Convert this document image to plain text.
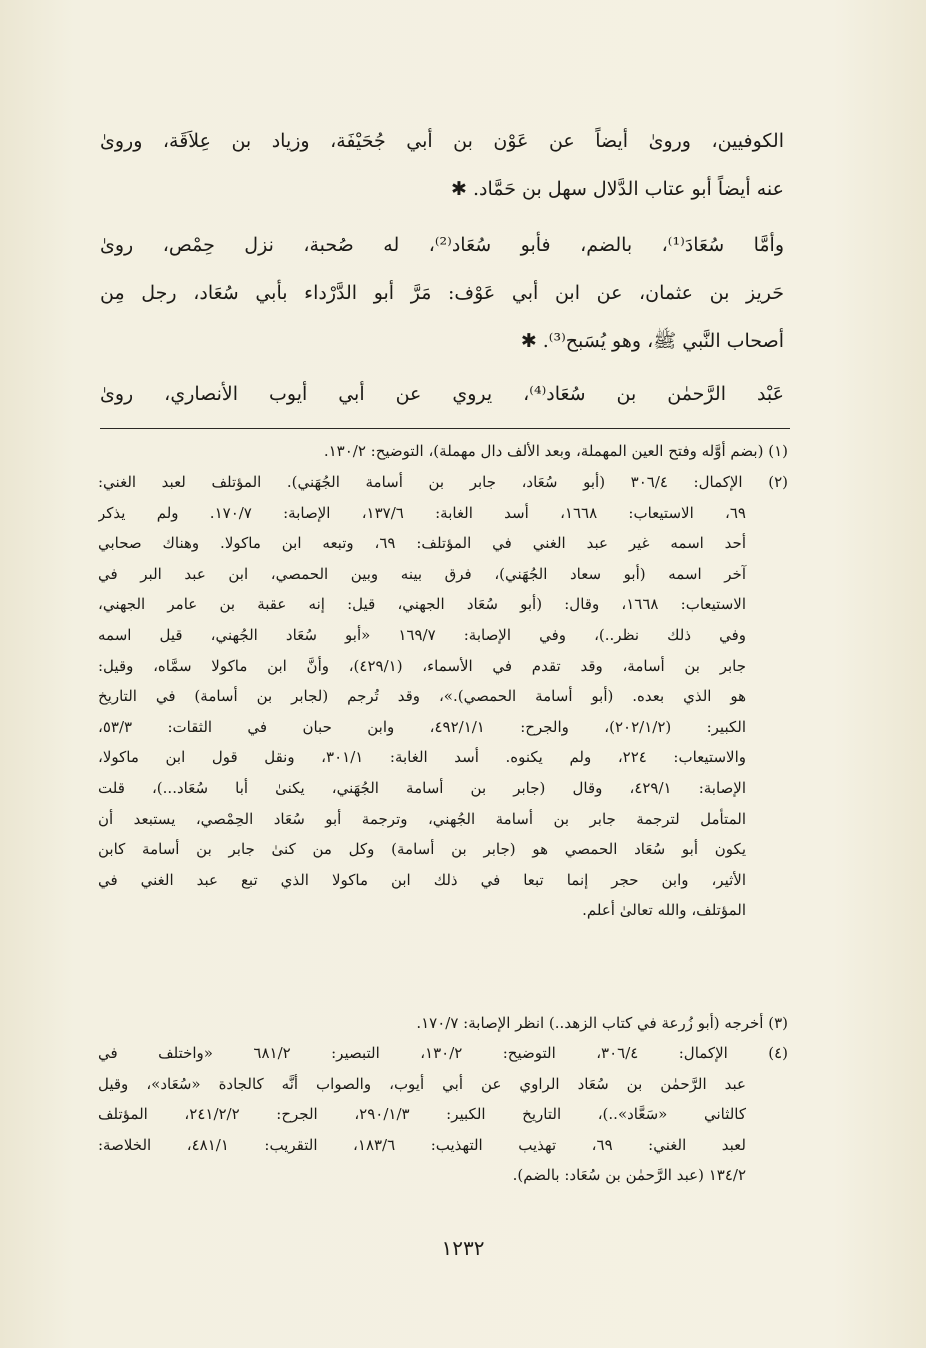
الكوفيين، وروىٰ أيضاً عن عَوْن بن أبي جُحَيْفَة، وزياد بن عِلاَقَة، وروىٰ
عنه أيضاً أبو عتاب الدَّلال سهل بن حَمَّاد. ✱
وأمَّا سُعَادَ⁽¹⁾، بالضم، فأبو سُعَاد⁽²⁾، له صُحبة، نزل حِمْص، روىٰ
حَريز بن عثمان، عن ابن أبي عَوْف: مَرَّ أبو الدَّرْداء بأبي سُعَاد، رجل مِن
أصحاب النَّبي ﷺ، وهو يُسَبح⁽³⁾. ✱
عَبْد الرَّحمٰن بن سُعَاد⁽⁴⁾، يروي عن أبي أيوب الأنصاري، روىٰ
(١) (بضم أوَّله وفتح العين المهملة، وبعد الألف دال مهملة)، التوضيح: ١٣٠/٢.
(٢) الإكمال: ٣٠٦/٤ (أبو سُعَاد، جابر بن أسامة الجُهَني). المؤتلف لعبد الغني:
٦٩، الاستيعاب: ١٦٦٨، أسد الغابة: ١٣٧/٦، الإصابة: ١٧٠/٧. ولم يذكر
أحد اسمه غير عبد الغني في المؤتلف: ٦٩، وتبعه ابن ماكولا. وهناك صحابي
آخر اسمه (أبو سعاد الجُهَني)، فرق بينه وبين الحمصي، ابن عبد البر في
الاستيعاب: ١٦٦٨، وقال: (أبو سُعَاد الجهني، قيل: إنه عقبة بن عامر الجهني،
وفي ذلك نظر..)، وفي الإصابة: ١٦٩/٧ «أبو سُعَاد الجُهني، قيل اسمه
جابر بن أسامة، وقد تقدم في الأسماء، (٤٢٩/١)، وأنَّ ابن ماكولا سمَّاه، وقيل:
هو الذي بعده. (أبو أسامة الحمصي).»، وقد تُرجم (لجابر بن أسامة) في التاريخ
الكبير: (٢٠٢/١/٢)، والجرح: ٤٩٢/١/١، وابن حبان في الثقات: ٥٣/٣،
والاستيعاب: ٢٢٤، ولم يكنوه. أسد الغابة: ٣٠١/١، ونقل قول ابن ماكولا،
الإصابة: ٤٢٩/١، وقال (جابر بن أسامة الجُهَني، يكنىٰ أبا سُعَاد...)، قلت
المتأمل لترجمة جابر بن أسامة الجُهني، وترجمة أبو سُعَاد الحِمْصي، يستبعد أن
يكون أبو سُعَاد الحمصي هو (جابر بن أسامة) وكل من كنىٰ جابر بن أسامة كابن
الأثير، وابن حجر إنما تبعا في ذلك ابن ماكولا الذي تبع عبد الغني في
المؤتلف، والله تعالىٰ أعلم.
(٣) أخرجه (أبو زُرعة في كتاب الزهد..) انظر الإصابة: ١٧٠/٧.
(٤) الإكمال: ٣٠٦/٤، التوضيح: ١٣٠/٢، التبصير: ٦٨١/٢ «واختلف في
عبد الرَّحمٰن بن سُعَاد الراوي عن أبي أيوب، والصواب أنَّه كالجادة «سُعَاد»، وقيل
كالثاني «سَعَّاد»..)، التاريخ الكبير: ٢٩٠/١/٣، الجرح: ٢٤١/٢/٢، المؤتلف
لعبد الغني: ٦٩، تهذيب التهذيب: ١٨٣/٦، التقريب: ٤٨١/١، الخلاصة:
١٣٤/٢ (عبد الرَّحمٰن بن سُعَاد: بالضم).
١٢٣٢
